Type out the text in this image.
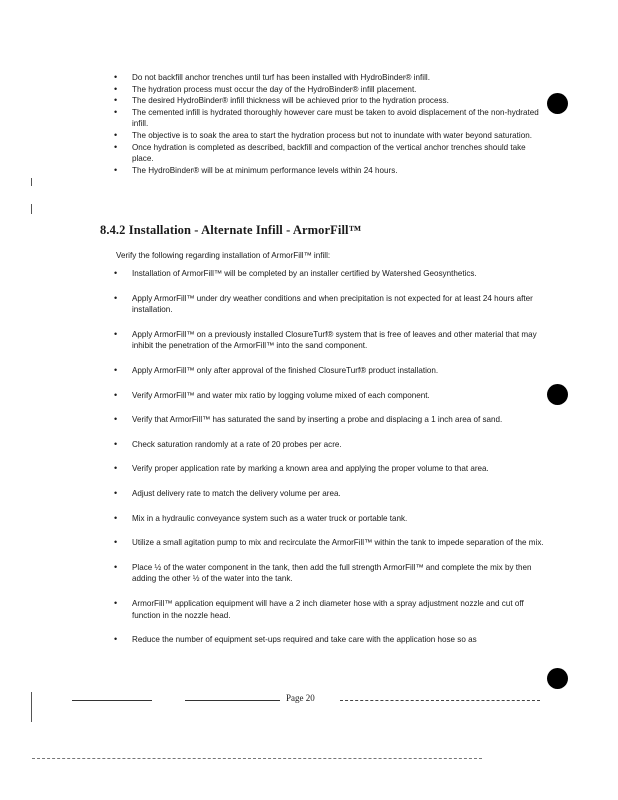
• Do not backfill anchor trenches until turf has been installed with HydroBinder® infill.
• The hydration process must occur the day of the HydroBinder® infill placement.
• The desired HydroBinder® infill thickness will be achieved prior to the hydration process.
• The cemented infill is hydrated thoroughly however care must be taken to avoid displacement of the non-hydrated infill.
• The objective is to soak the area to start the hydration process but not to inundate with water beyond saturation.
• Once hydration is completed as described, backfill and compaction of the vertical anchor trenches should take place.
• The HydroBinder® will be at minimum performance levels within 24 hours.
8.4.2 Installation - Alternate Infill - ArmorFill™

Verify the following regarding installation of ArmorFill™ infill:

• Installation of ArmorFill™ will be completed by an installer certified by Watershed Geosynthetics.
• Apply ArmorFill™ under dry weather conditions and when precipitation is not expected for at least 24 hours after installation.
• Apply ArmorFill™ on a previously installed ClosureTurf® system that is free of leaves and other material that may inhibit the penetration of the ArmorFill™ into the sand component.
• Apply ArmorFill™ only after approval of the finished ClosureTurf® product installation.
• Verify ArmorFill™ and water mix ratio by logging volume mixed of each component.
• Verify that ArmorFill™ has saturated the sand by inserting a probe and displacing a 1 inch area of sand.
• Check saturation randomly at a rate of 20 probes per acre.
• Verify proper application rate by marking a known area and applying the proper volume to that area.
• Adjust delivery rate to match the delivery volume per area.
• Mix in a hydraulic conveyance system such as a water truck or portable tank.
• Utilize a small agitation pump to mix and recirculate the ArmorFill™ within the tank to impede separation of the mix.
• Place ½ of the water component in the tank, then add the full strength ArmorFill™ and complete the mix by then adding the other ½ of the water into the tank.
• ArmorFill™ application equipment will have a 2 inch diameter hose with a spray adjustment nozzle and cut off function in the nozzle head.
• Reduce the number of equipment set-ups required and take care with the application hose so as
Page 20
